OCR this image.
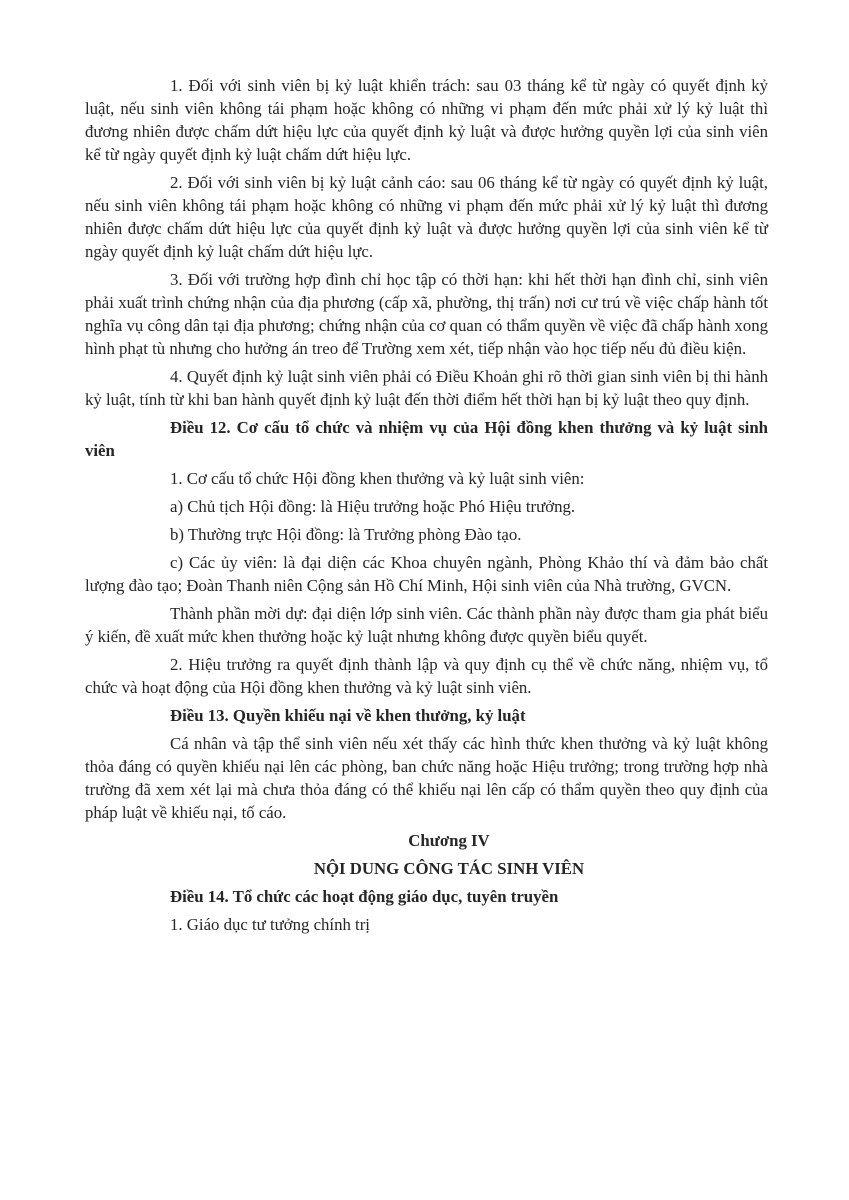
1. Đối với sinh viên bị kỷ luật khiển trách: sau 03 tháng kể từ ngày có quyết định kỷ luật, nếu sinh viên không tái phạm hoặc không có những vi phạm đến mức phải xử lý kỷ luật thì đương nhiên được chấm dứt hiệu lực của quyết định kỷ luật và được hưởng quyền lợi của sinh viên kể từ ngày quyết định kỷ luật chấm dứt hiệu lực.

2. Đối với sinh viên bị kỷ luật cảnh cáo: sau 06 tháng kể từ ngày có quyết định kỷ luật, nếu sinh viên không tái phạm hoặc không có những vi phạm đến mức phải xử lý kỷ luật thì đương nhiên được chấm dứt hiệu lực của quyết định kỷ luật và được hưởng quyền lợi của sinh viên kể từ ngày quyết định kỷ luật chấm dứt hiệu lực.

3. Đối với trường hợp đình chỉ học tập có thời hạn: khi hết thời hạn đình chỉ, sinh viên phải xuất trình chứng nhận của địa phương (cấp xã, phường, thị trấn) nơi cư trú về việc chấp hành tốt nghĩa vụ công dân tại địa phương; chứng nhận của cơ quan có thẩm quyền về việc đã chấp hành xong hình phạt tù nhưng cho hưởng án treo để Trường xem xét, tiếp nhận vào học tiếp nếu đủ điều kiện.

4. Quyết định kỷ luật sinh viên phải có Điều Khoản ghi rõ thời gian sinh viên bị thi hành kỷ luật, tính từ khi ban hành quyết định kỷ luật đến thời điểm hết thời hạn bị kỷ luật theo quy định.

Điều 12. Cơ cấu tổ chức và nhiệm vụ của Hội đồng khen thưởng và kỷ luật sinh viên

1. Cơ cấu tổ chức Hội đồng khen thưởng và kỷ luật sinh viên:

a) Chủ tịch Hội đồng: là Hiệu trưởng hoặc Phó Hiệu trưởng.

b) Thường trực Hội đồng: là Trưởng phòng Đào tạo.

c) Các ủy viên: là đại diện các Khoa chuyên ngành, Phòng Khảo thí và đảm bảo chất lượng đào tạo; Đoàn Thanh niên Cộng sản Hồ Chí Minh, Hội sinh viên của Nhà trường, GVCN.

Thành phần mời dự: đại diện lớp sinh viên. Các thành phần này được tham gia phát biểu ý kiến, đề xuất mức khen thưởng hoặc kỷ luật nhưng không được quyền biểu quyết.

2. Hiệu trưởng ra quyết định thành lập và quy định cụ thể về chức năng, nhiệm vụ, tổ chức và hoạt động của Hội đồng khen thưởng và kỷ luật sinh viên.

Điều 13. Quyền khiếu nại về khen thưởng, kỷ luật

Cá nhân và tập thể sinh viên nếu xét thấy các hình thức khen thưởng và kỷ luật không thỏa đáng có quyền khiếu nại lên các phòng, ban chức năng hoặc Hiệu trưởng; trong trường hợp nhà trường đã xem xét lại mà chưa thỏa đáng có thể khiếu nại lên cấp có thẩm quyền theo quy định của pháp luật về khiếu nại, tố cáo.

Chương IV

NỘI DUNG CÔNG TÁC SINH VIÊN

Điều 14. Tổ chức các hoạt động giáo dục, tuyên truyền

1. Giáo dục tư tưởng chính trị
